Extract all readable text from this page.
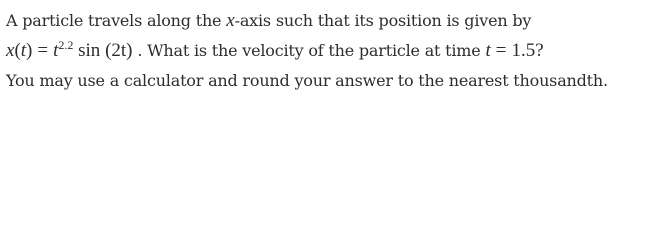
A particle travels along the x-axis such that its position is given by
$x(t) = t^{2.2}$ sin (2t) . What is the velocity of the particle at time t = 1.5?
You may use a calculator and round your answer to the nearest thousandth.
